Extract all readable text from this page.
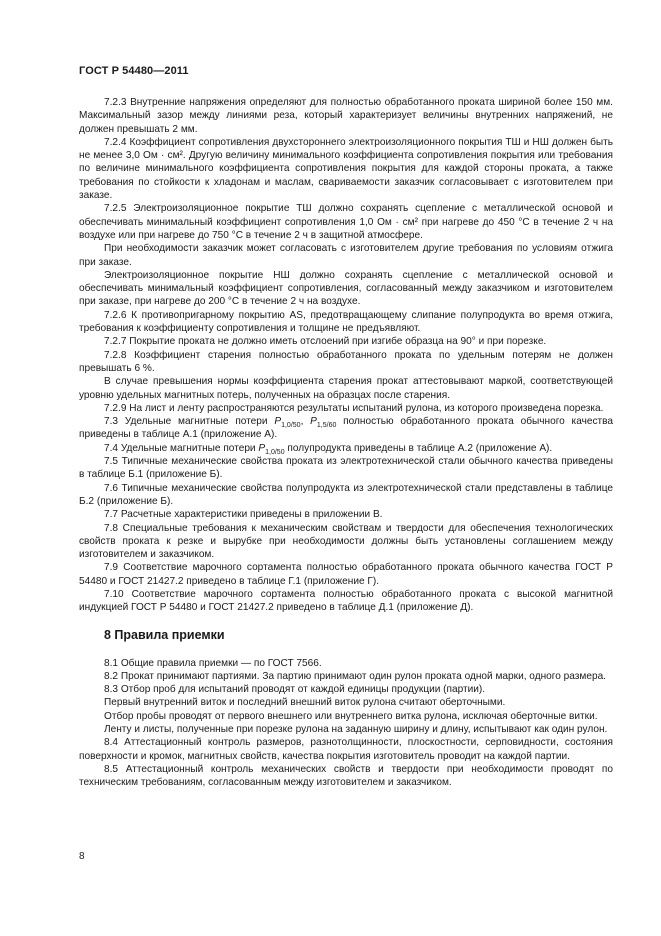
ГОСТ Р 54480—2011

7.2.3 Внутренние напряжения определяют для полностью обработанного проката шириной более 150 мм. Максимальный зазор между линиями реза, который характеризует величины внутренних напряжений, не должен превышать 2 мм.

7.2.4 Коэффициент сопротивления двухстороннего электроизоляционного покрытия ТШ и НШ должен быть не менее 3,0 Ом · см². Другую величину минимального коэффициента сопротивления покрытия или требования по величине минимального коэффициента сопротивления покрытия для каждой стороны проката, а также требования по стойкости к хладонам и маслам, свариваемости заказчик согласовывает с изготовителем при заказе.

7.2.5 Электроизоляционное покрытие ТШ должно сохранять сцепление с металлической основой и обеспечивать минимальный коэффициент сопротивления 1,0 Ом · см² при нагреве до 450 °С в течение 2 ч на воздухе или при нагреве до 750 °С в течение 2 ч в защитной атмосфере.

При необходимости заказчик может согласовать с изготовителем другие требования по условиям отжига при заказе.

Электроизоляционное покрытие НШ должно сохранять сцепление с металлической основой и обеспечивать минимальный коэффициент сопротивления, согласованный между заказчиком и изготовителем при заказе, при нагреве до 200 °С в течение 2 ч на воздухе.

7.2.6 К противопригарному покрытию AS, предотвращающему слипание полупродукта во время отжига, требования к коэффициенту сопротивления и толщине не предъявляют.

7.2.7 Покрытие проката не должно иметь отслоений при изгибе образца на 90° и при порезке.

7.2.8 Коэффициент старения полностью обработанного проката по удельным потерям не должен превышать 6 %.

В случае превышения нормы коэффициента старения прокат аттестовывают маркой, соответствующей уровню удельных магнитных потерь, полученных на образцах после старения.

7.2.9 На лист и ленту распространяются результаты испытаний рулона, из которого произведена порезка.

7.3 Удельные магнитные потери $P_{1,0/50}$, $P_{1,5/60}$ полностью обработанного проката обычного качества приведены в таблице А.1 (приложение А).

7.4 Удельные магнитные потери $P_{1,0/50}$ полупродукта приведены в таблице А.2 (приложение А).

7.5 Типичные механические свойства проката из электротехнической стали обычного качества приведены в таблице Б.1 (приложение Б).

7.6 Типичные механические свойства полупродукта из электротехнической стали представлены в таблице Б.2 (приложение Б).

7.7 Расчетные характеристики приведены в приложении В.

7.8 Специальные требования к механическим свойствам и твердости для обеспечения технологических свойств проката к резке и вырубке при необходимости должны быть установлены соглашением между изготовителем и заказчиком.

7.9 Соответствие марочного сортамента полностью обработанного проката обычного качества ГОСТ Р 54480 и ГОСТ 21427.2 приведено в таблице Г.1 (приложение Г).

7.10 Соответствие марочного сортамента полностью обработанного проката с высокой магнитной индукцией ГОСТ Р 54480 и ГОСТ 21427.2 приведено в таблице Д.1 (приложение Д).

8 Правила приемки

8.1 Общие правила приемки — по ГОСТ 7566.

8.2 Прокат принимают партиями. За партию принимают один рулон проката одной марки, одного размера.

8.3 Отбор проб для испытаний проводят от каждой единицы продукции (партии).

Первый внутренний виток и последний внешний виток рулона считают оберточными.

Отбор пробы проводят от первого внешнего или внутреннего витка рулона, исключая оберточные витки.

Ленту и листы, полученные при порезке рулона на заданную ширину и длину, испытывают как один рулон.

8.4 Аттестационный контроль размеров, разнотолщинности, плоскостности, серповидности, состояния поверхности и кромок, магнитных свойств, качества покрытия изготовитель проводит на каждой партии.

8.5 Аттестационный контроль механических свойств и твердости при необходимости проводят по техническим требованиям, согласованным между изготовителем и заказчиком.

8
